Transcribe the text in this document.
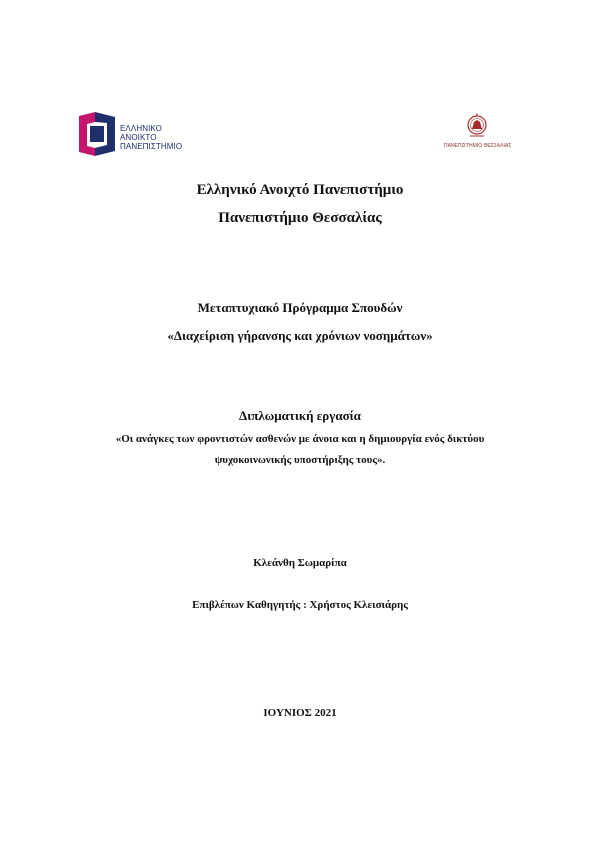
ΕΛΛΗΝΙΚΟ
ΑΝΟΙΚΤΟ
ΠΑΝΕΠΙΣΤΗΜΙΟ	ΠΑΝΕΠΙΣΤΗΜΙΟ ΘΕΣΣΑΛΙΑΣ
Ελληνικό Ανοιχτό Πανεπιστήμιο
Πανεπιστήμιο Θεσσαλίας
Μεταπτυχιακό Πρόγραμμα Σπουδών
«Διαχείριση γήρανσης και χρόνιων νοσημάτων»
Διπλωματική εργασία
«Οι ανάγκες των φροντιστών ασθενών με άνοια και η δημιουργία ενός δικτύου
ψυχοκοινωνικής υποστήριξης τους».
Κλεάνθη Σωμαρίπα
Επιβλέπων Καθηγητής : Χρήστος Κλεισιάρης
ΙΟΥΝΙΟΣ 2021
